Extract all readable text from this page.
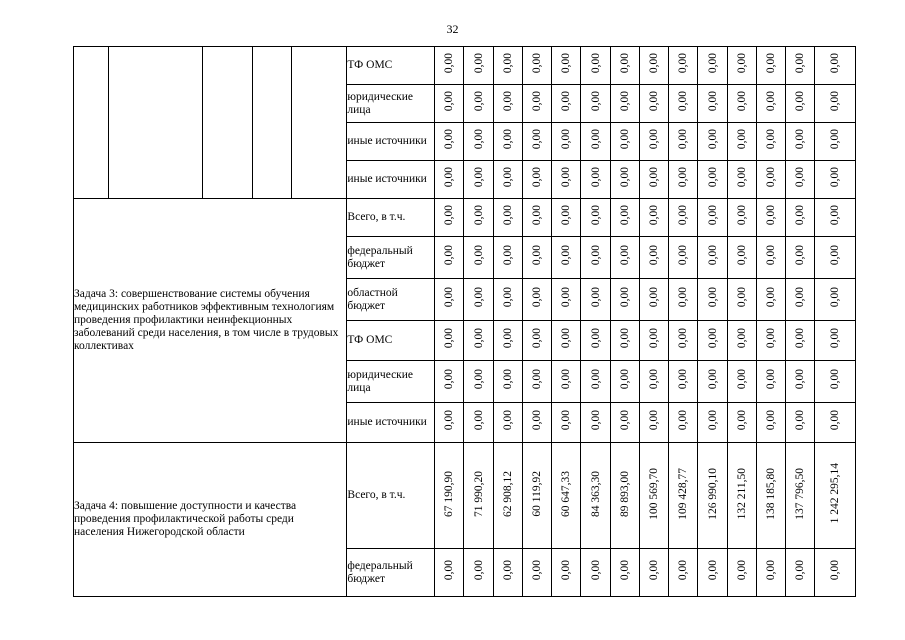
32
					ТФ ОМС	0,00	0,00	0,00	0,00	0,00	0,00	0,00	0,00	0,00	0,00	0,00	0,00	0,00	0,00
					юридические лица	0,00	0,00	0,00	0,00	0,00	0,00	0,00	0,00	0,00	0,00	0,00	0,00	0,00	0,00
					иные источники	0,00	0,00	0,00	0,00	0,00	0,00	0,00	0,00	0,00	0,00	0,00	0,00	0,00	0,00
					иные источники	0,00	0,00	0,00	0,00	0,00	0,00	0,00	0,00	0,00	0,00	0,00	0,00	0,00	0,00
Задача 3: совершенствование системы обучения медицинских работников эффективным технологиям проведения профилактики неинфекционных заболеваний среди населения, в том числе в трудовых коллективах					Всего, в т.ч.	0,00	0,00	0,00	0,00	0,00	0,00	0,00	0,00	0,00	0,00	0,00	0,00	0,00	0,00
					федеральный бюджет	0,00	0,00	0,00	0,00	0,00	0,00	0,00	0,00	0,00	0,00	0,00	0,00	0,00	0,00
					областной бюджет	0,00	0,00	0,00	0,00	0,00	0,00	0,00	0,00	0,00	0,00	0,00	0,00	0,00	0,00
					ТФ ОМС	0,00	0,00	0,00	0,00	0,00	0,00	0,00	0,00	0,00	0,00	0,00	0,00	0,00	0,00
					юридические лица	0,00	0,00	0,00	0,00	0,00	0,00	0,00	0,00	0,00	0,00	0,00	0,00	0,00	0,00
					иные источники	0,00	0,00	0,00	0,00	0,00	0,00	0,00	0,00	0,00	0,00	0,00	0,00	0,00	0,00
Задача 4: повышение доступности и качества проведения профилактической работы среди населения Нижегородской области					Всего, в т.ч.	67 190,90	71 990,20	62 908,12	60 119,92	60 647,33	84 363,30	89 893,00	100 569,70	109 428,77	126 990,10	132 211,50	138 185,80	137 796,50	1 242 295,14
					федеральный бюджет	0,00	0,00	0,00	0,00	0,00	0,00	0,00	0,00	0,00	0,00	0,00	0,00	0,00	0,00
